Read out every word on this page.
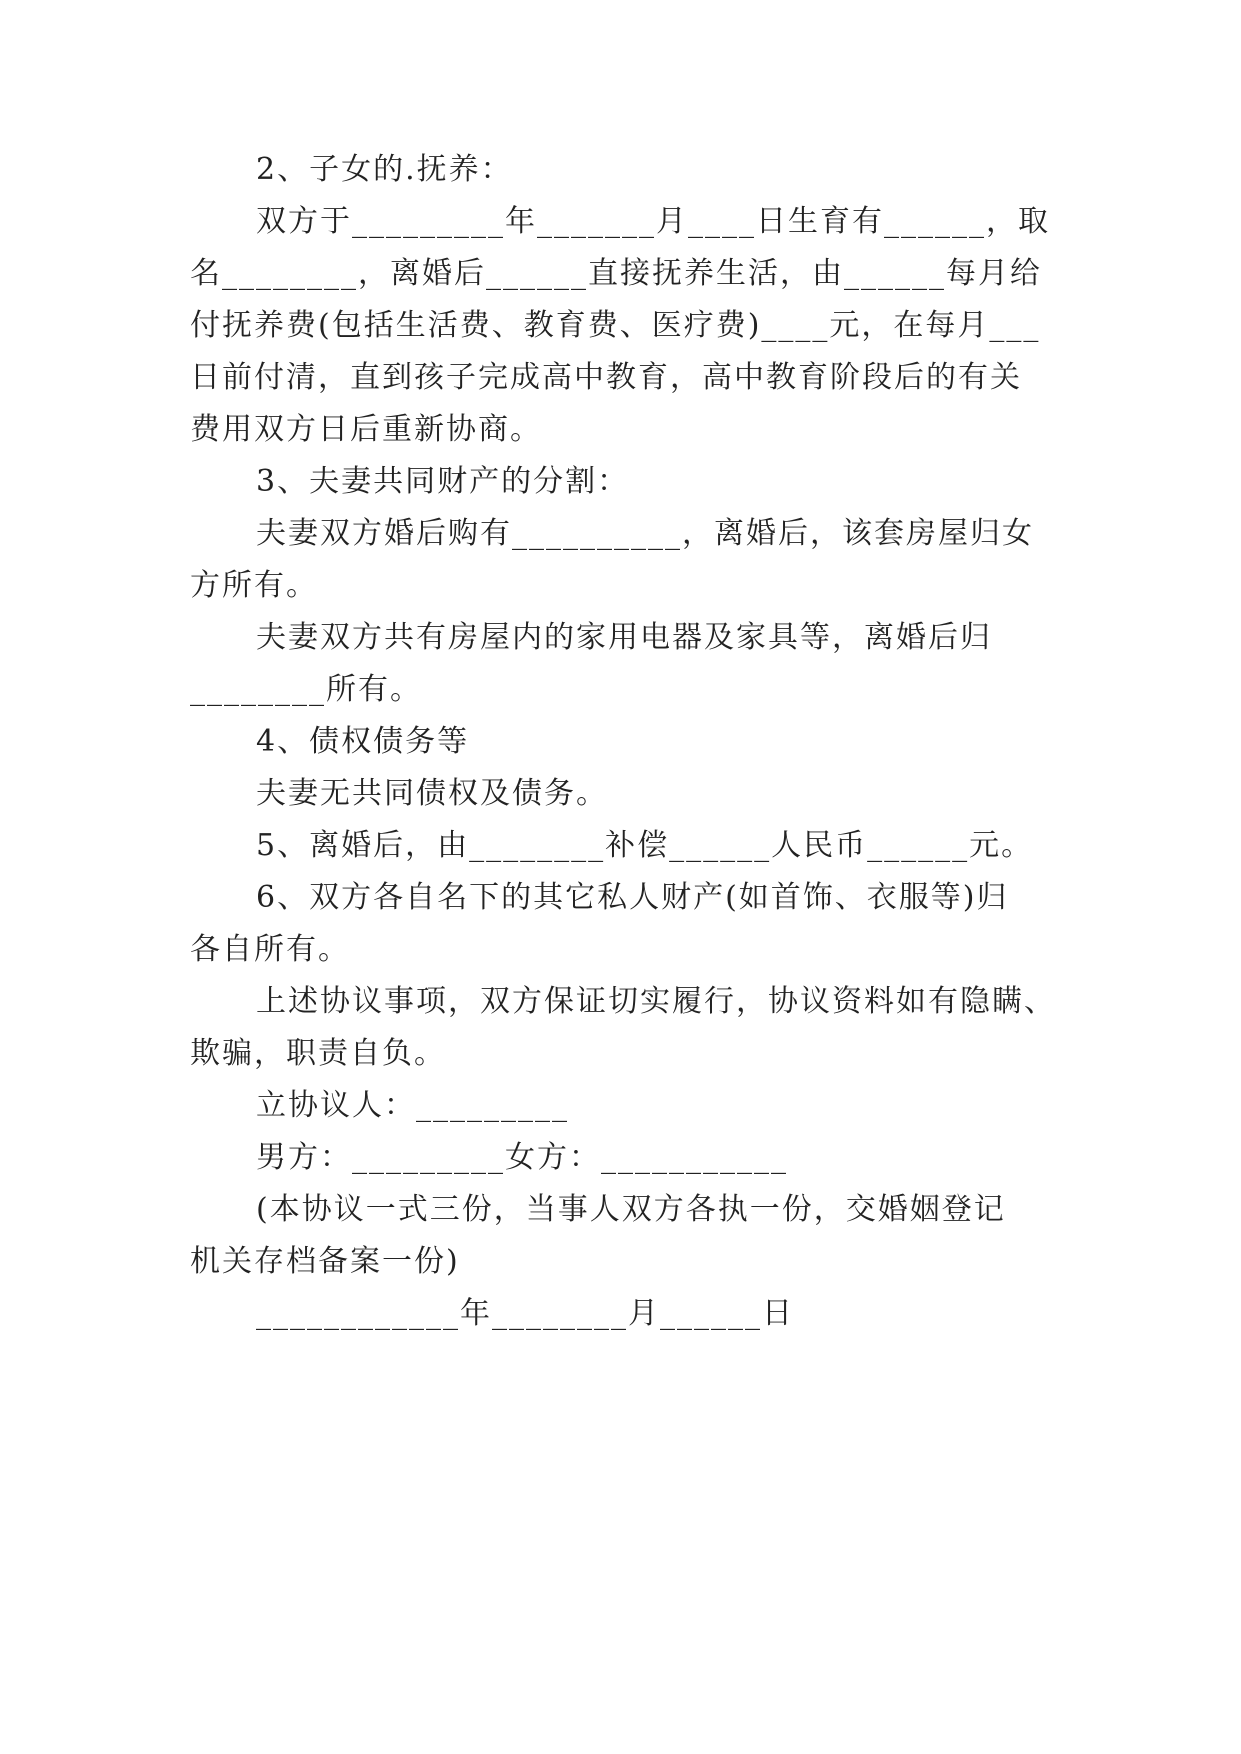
2、子女的.抚养：
双方于_________年_______月____日生育有______，取
名________，离婚后______直接抚养生活，由______每月给
付抚养费(包括生活费、教育费、医疗费)____元，在每月___
日前付清，直到孩子完成高中教育，高中教育阶段后的有关
费用双方日后重新协商。
3、夫妻共同财产的分割：
夫妻双方婚后购有__________，离婚后，该套房屋归女
方所有。
夫妻双方共有房屋内的家用电器及家具等，离婚后归
________所有。
4、债权债务等
夫妻无共同债权及债务。
5、离婚后，由________补偿______人民币______元。
6、双方各自名下的其它私人财产(如首饰、衣服等)归
各自所有。
上述协议事项，双方保证切实履行，协议资料如有隐瞒、
欺骗，职责自负。
立协议人：_________
男方：_________女方：___________
(本协议一式三份，当事人双方各执一份，交婚姻登记
机关存档备案一份)
____________年________月______日
